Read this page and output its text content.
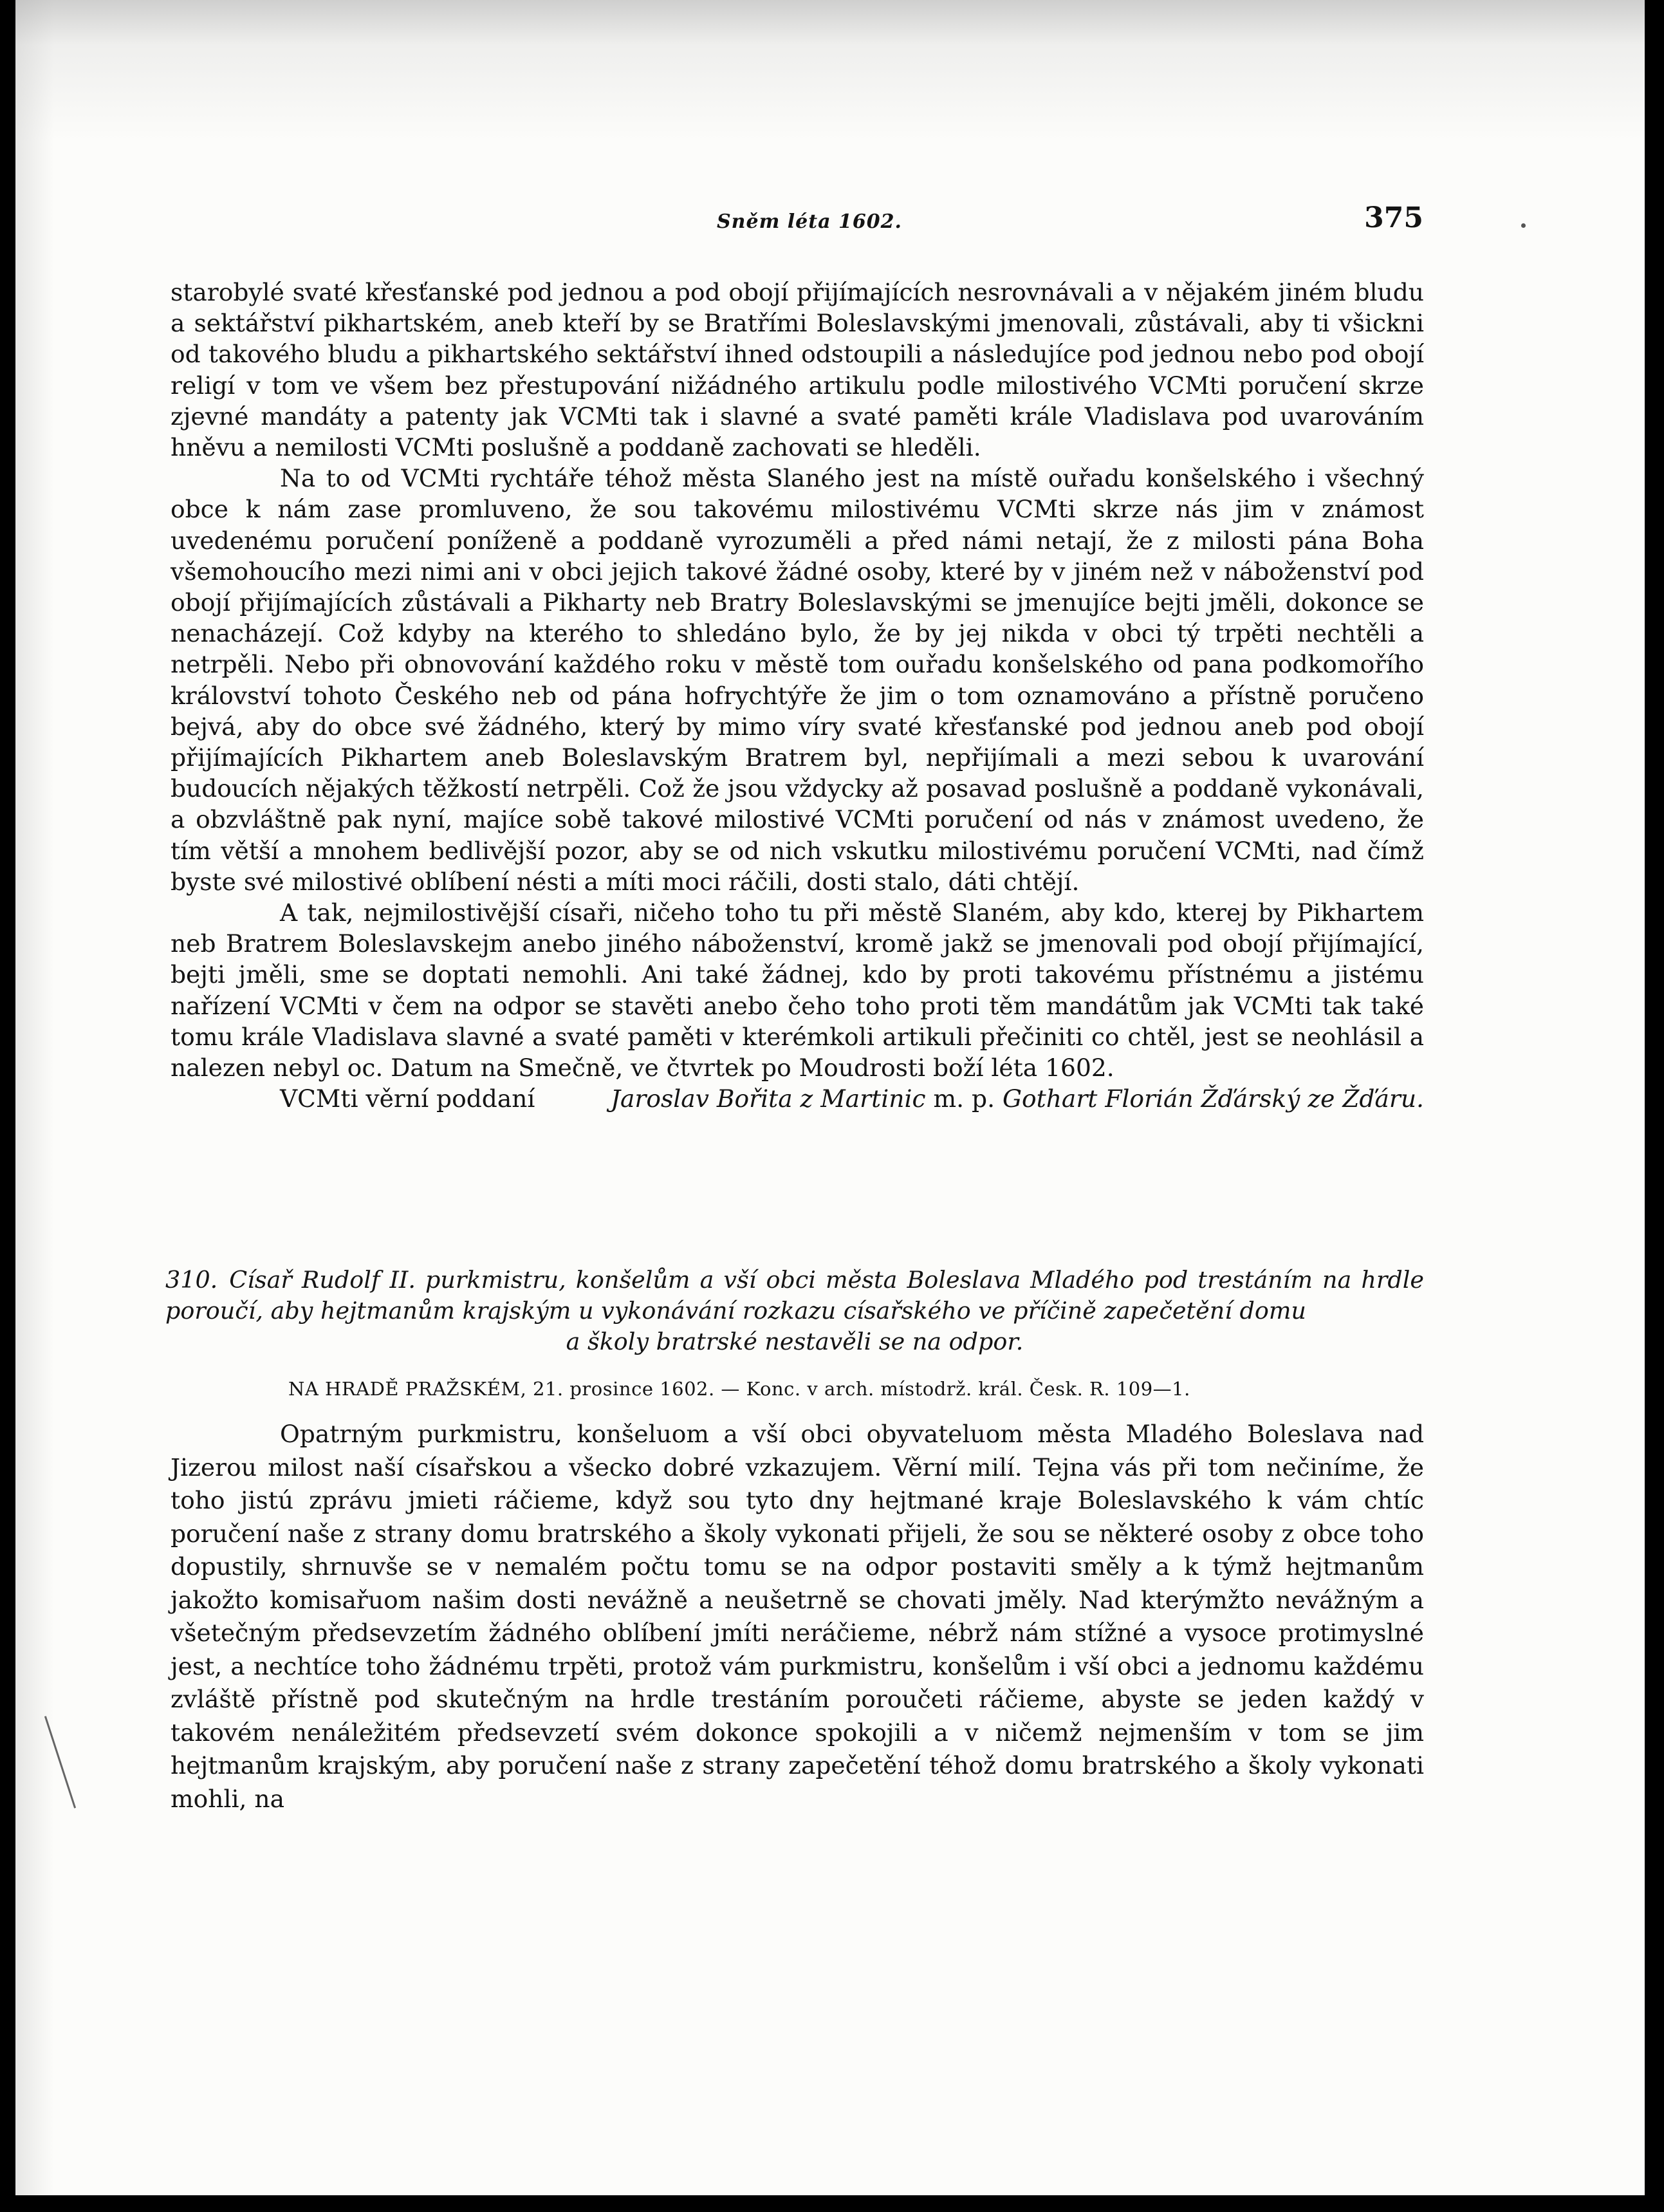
Sněm léta 1602.	375

starobylé svaté křesťanské pod jednou a pod obojí přijímajících nesrovnávali a v nějakém jiném bludu a sektářství pikhartském, aneb kteří by se Bratřími Boleslavskými jmenovali, zůstávali, aby ti všickni od takového bludu a pikhartského sektářství ihned odstoupili a následujíce pod jednou nebo pod obojí religí v tom ve všem bez přestupování nižádného artikulu podle milostivého VCMti poručení skrze zjevné mandáty a patenty jak VCMti tak i slavné a svaté paměti krále Vladislava pod uvarováním hněvu a nemilosti VCMti poslušně a poddaně zachovati se hleděli.

Na to od VCMti rychtáře téhož města Slaného jest na místě ouřadu konšelského i všechný obce k nám zase promluveno, že sou takovému milostivému VCMti skrze nás jim v známost uvedenému poručení poníženě a poddaně vyrozuměli a před námi netají, že z milosti pána Boha všemohoucího mezi nimi ani v obci jejich takové žádné osoby, které by v jiném než v náboženství pod obojí přijímajících zůstávali a Pikharty neb Bratry Boleslavskými se jmenujíce bejti jměli, dokonce se nenacházejí. Což kdyby na kterého to shledáno bylo, že by jej nikda v obci tý trpěti nechtěli a netrpěli. Nebo při obnovování každého roku v městě tom ouřadu konšelského od pana podkomořího království tohoto Českého neb od pána hofrychtýře že jim o tom oznamováno a přístně poručeno bejvá, aby do obce své žádného, který by mimo víry svaté křesťanské pod jednou aneb pod obojí přijímajících Pikhartem aneb Boleslavským Bratrem byl, nepřijímali a mezi sebou k uvarování budoucích nějakých těžkostí netrpěli. Což že jsou vždycky až posavad poslušně a poddaně vykonávali, a obzvláštně pak nyní, majíce sobě takové milostivé VCMti poručení od nás v známost uvedeno, že tím větší a mnohem bedlivější pozor, aby se od nich vskutku milostivému poručení VCMti, nad čímž byste své milostivé oblíbení nésti a míti moci ráčili, dosti stalo, dáti chtějí.

A tak, nejmilostivější císaři, ničeho toho tu při městě Slaném, aby kdo, kterej by Pikhartem neb Bratrem Boleslavskejm anebo jiného náboženství, kromě jakž se jmenovali pod obojí přijímající, bejti jměli, sme se doptati nemohli. Ani také žádnej, kdo by proti takovému přístnému a jistému nařízení VCMti v čem na odpor se stavěti anebo čeho toho proti těm mandátům jak VCMti tak také tomu krále Vladislava slavné a svaté paměti v kterémkoli artikuli přečiniti co chtěl, jest se neohlásil a nalezen nebyl oc. Datum na Smečně, ve čtvrtek po Moudrosti boží léta 1602.

VCMti věrní poddaní	Jaroslav Bořita z Martinic m. p. Gothart Florián Žďárský ze Žďáru.

310. Císař Rudolf II. purkmistru, konšelům a vší obci města Boleslava Mladého pod trestáním na hrdle poroučí, aby hejtmanům krajským u vykonávání rozkazu císařského ve příčině zapečetění domu
a školy bratrské nestavěli se na odpor.
NA HRADĚ PRAŽSKÉM, 21. prosince 1602. — Konc. v arch. místodrž. král. Česk. R. 109—1.

Opatrným purkmistru, konšeluom a vší obci obyvateluom města Mladého Boleslava nad Jizerou milost naší císařskou a všecko dobré vzkazujem. Věrní milí. Tejna vás při tom nečiníme, že toho jistú zprávu jmieti ráčieme, když sou tyto dny hejtmané kraje Boleslavského k vám chtíc poručení naše z strany domu bratrského a školy vykonati přijeli, že sou se některé osoby z obce toho dopustily, shrnuvše se v nemalém počtu tomu se na odpor postaviti směly a k týmž hejtmanům jakožto komisařuom našim dosti nevážně a neušetrně se chovati jměly. Nad kterýmžto nevážným a všetečným předsevzetím žádného oblíbení jmíti neráčieme, nébrž nám stížné a vysoce protimyslné jest, a nechtíce toho žádnému trpěti, protož vám purkmistru, konšelům i vší obci a jednomu každému zvláště přístně pod skutečným na hrdle trestáním poroučeti ráčieme, abyste se jeden každý v takovém nenáležitém předsevzetí svém dokonce spokojili a v ničemž nejmenším v tom se jim hejtmanům krajským, aby poručení naše z strany zapečetění téhož domu bratrského a školy vykonati mohli, na
